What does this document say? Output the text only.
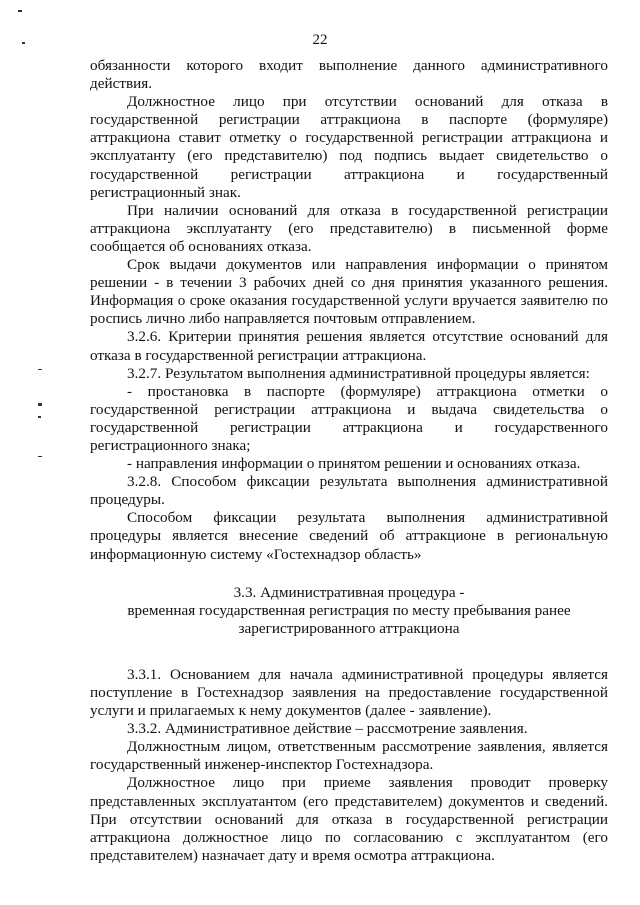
22

обязанности которого входит выполнение данного административного действия.

Должностное лицо при отсутствии оснований для отказа в государственной регистрации аттракциона в паспорте (формуляре) аттракциона ставит отметку о государственной регистрации аттракциона и эксплуатанту (его представителю) под подпись выдает свидетельство о государственной регистрации аттракциона и государственный регистрационный знак.

При наличии оснований для отказа в государственной регистрации аттракциона эксплуатанту (его представителю) в письменной форме сообщается об основаниях отказа.

Срок выдачи документов или направления информации о принятом решении - в течении 3 рабочих дней со дня принятия указанного решения. Информация о сроке оказания государственной услуги вручается заявителю по роспись лично либо направляется почтовым отправлением.

3.2.6. Критерии принятия решения является отсутствие оснований для отказа в государственной регистрации аттракциона.

3.2.7. Результатом выполнения административной процедуры является:

- простановка в паспорте (формуляре) аттракциона отметки о государственной регистрации аттракциона и выдача свидетельства о государственной регистрации аттракциона и государственного регистрационного знака;

- направления информации о принятом решении и основаниях отказа.

3.2.8. Способом фиксации результата выполнения административной процедуры.

Способом фиксации результата выполнения административной процедуры является внесение сведений об аттракционе в региональную информационную систему «Гостехнадзор область»

3.3. Административная процедура -

временная государственная регистрация по месту пребывания ранее

зарегистрированного аттракциона

3.3.1. Основанием для начала административной процедуры является поступление в Гостехнадзор заявления на предоставление государственной услуги и прилагаемых к нему документов (далее - заявление).

3.3.2. Административное действие – рассмотрение заявления.

Должностным лицом, ответственным рассмотрение заявления, является государственный инженер-инспектор Гостехнадзора.

Должностное лицо при приеме заявления проводит проверку представленных эксплуатантом (его представителем) документов и сведений. При отсутствии оснований для отказа в государственной регистрации аттракциона должностное лицо по согласованию с эксплуатантом (его представителем) назначает дату и время осмотра аттракциона.
